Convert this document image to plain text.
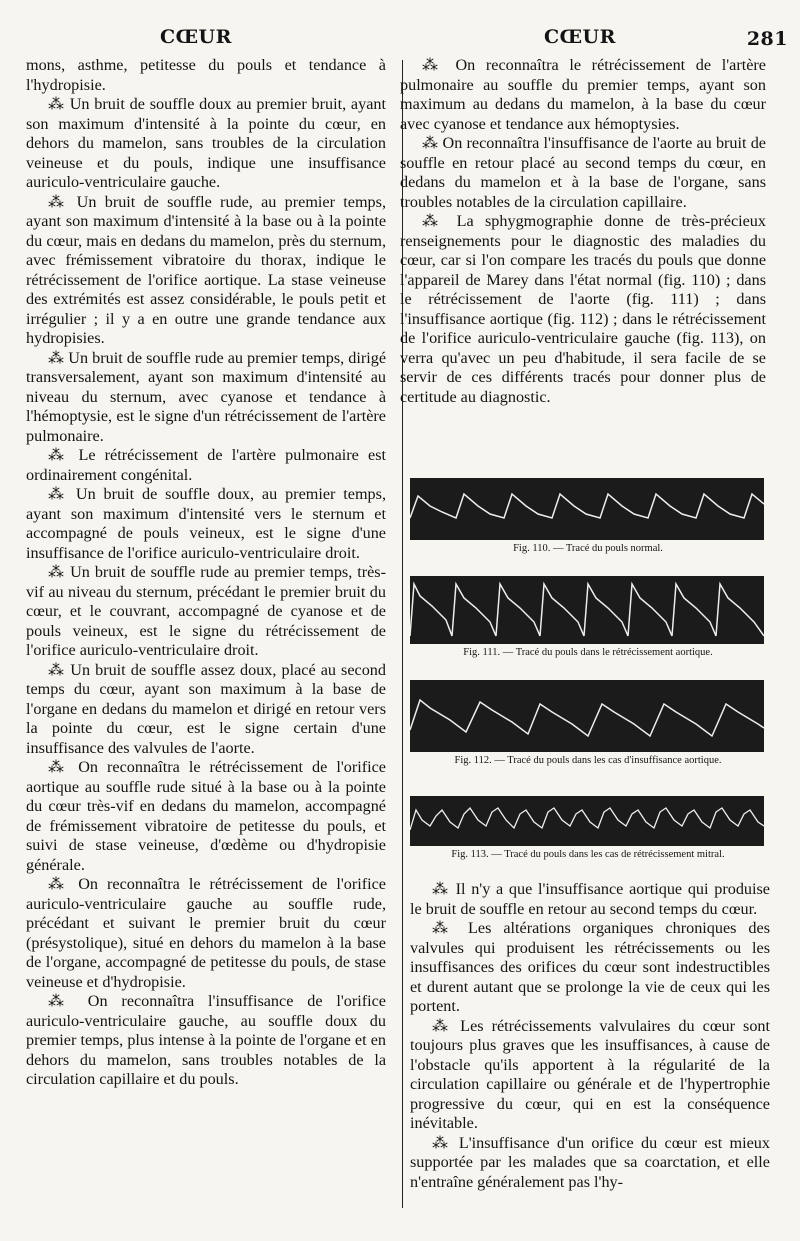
CŒUR	CŒUR	281

mons, asthme, petitesse du pouls et tendance à l'hydropisie.

⁂ Un bruit de souffle doux au premier bruit, ayant son maximum d'intensité à la pointe du cœur, en dehors du mamelon, sans troubles de la circulation veineuse et du pouls, indique une insuffisance auriculo-ventriculaire gauche.

⁂ Un bruit de souffle rude, au premier temps, ayant son maximum d'intensité à la base ou à la pointe du cœur, mais en dedans du mamelon, près du sternum, avec frémissement vibratoire du thorax, indique le rétrécissement de l'orifice aortique. La stase veineuse des extrémités est assez considérable, le pouls petit et irrégulier ; il y a en outre une grande tendance aux hydropisies.

⁂ Un bruit de souffle rude au premier temps, dirigé transversalement, ayant son maximum d'intensité au niveau du sternum, avec cyanose et tendance à l'hémoptysie, est le signe d'un rétrécissement de l'artère pulmonaire.

⁂ Le rétrécissement de l'artère pulmonaire est ordinairement congénital.

⁂ Un bruit de souffle doux, au premier temps, ayant son maximum d'intensité vers le sternum et accompagné de pouls veineux, est le signe d'une insuffisance de l'orifice auriculo-ventriculaire droit.

⁂ Un bruit de souffle rude au premier temps, très-vif au niveau du sternum, précédant le premier bruit du cœur, et le couvrant, accompagné de cyanose et de pouls veineux, est le signe du rétrécissement de l'orifice auriculo-ventriculaire droit.

⁂ Un bruit de souffle assez doux, placé au second temps du cœur, ayant son maximum à la base de l'organe en dedans du mamelon et dirigé en retour vers la pointe du cœur, est le signe certain d'une insuffisance des valvules de l'aorte.

⁂ On reconnaîtra le rétrécissement de l'orifice aortique au souffle rude situé à la base ou à la pointe du cœur très-vif en dedans du mamelon, accompagné de frémissement vibratoire de petitesse du pouls, et suivi de stase veineuse, d'œdème ou d'hydropisie générale.

⁂ On reconnaîtra le rétrécissement de l'orifice auriculo-ventriculaire gauche au souffle rude, précédant et suivant le premier bruit du cœur (présystolique), situé en dehors du mamelon à la base de l'organe, accompagné de petitesse du pouls, de stase veineuse et d'hydropisie.

⁂ On reconnaîtra l'insuffisance de l'orifice auriculo-ventriculaire gauche, au souffle doux du premier temps, plus intense à la pointe de l'organe et en dehors du mamelon, sans troubles notables de la circulation capillaire et du pouls.

⁂ On reconnaîtra le rétrécissement de l'artère pulmonaire au souffle du premier temps, ayant son maximum au dedans du mamelon, à la base du cœur avec cyanose et tendance aux hémoptysies.

⁂ On reconnaîtra l'insuffisance de l'aorte au bruit de souffle en retour placé au second temps du cœur, en dedans du mamelon et à la base de l'organe, sans troubles notables de la circulation capillaire.

⁂ La sphygmographie donne de très-précieux renseignements pour le diagnostic des maladies du cœur, car si l'on compare les tracés du pouls que donne l'appareil de Marey dans l'état normal (fig. 110) ; dans le rétrécissement de l'aorte (fig. 111) ; dans l'insuffisance aortique (fig. 112) ; dans le rétrécissement de l'orifice auriculo-ventriculaire gauche (fig. 113), on verra qu'avec un peu d'habitude, il sera facile de se servir de ces différents tracés pour donner plus de certitude au diagnostic.

Fig. 110. — Tracé du pouls normal.
Fig. 111. — Tracé du pouls dans le rétrécissement aortique.
Fig. 112. — Tracé du pouls dans les cas d'insuffisance aortique.
Fig. 113. — Tracé du pouls dans les cas de rétrécissement mitral.

⁂ Il n'y a que l'insuffisance aortique qui produise le bruit de souffle en retour au second temps du cœur.

⁂ Les altérations organiques chroniques des valvules qui produisent les rétrécissements ou les insuffisances des orifices du cœur sont indestructibles et durent autant que se prolonge la vie de ceux qui les portent.

⁂ Les rétrécissements valvulaires du cœur sont toujours plus graves que les insuffisances, à cause de l'obstacle qu'ils apportent à la régularité de la circulation capillaire ou générale et de l'hypertrophie progressive du cœur, qui en est la conséquence inévitable.

⁂ L'insuffisance d'un orifice du cœur est mieux supportée par les malades que sa coarctation, et elle n'entraîne généralement pas l'hy-
